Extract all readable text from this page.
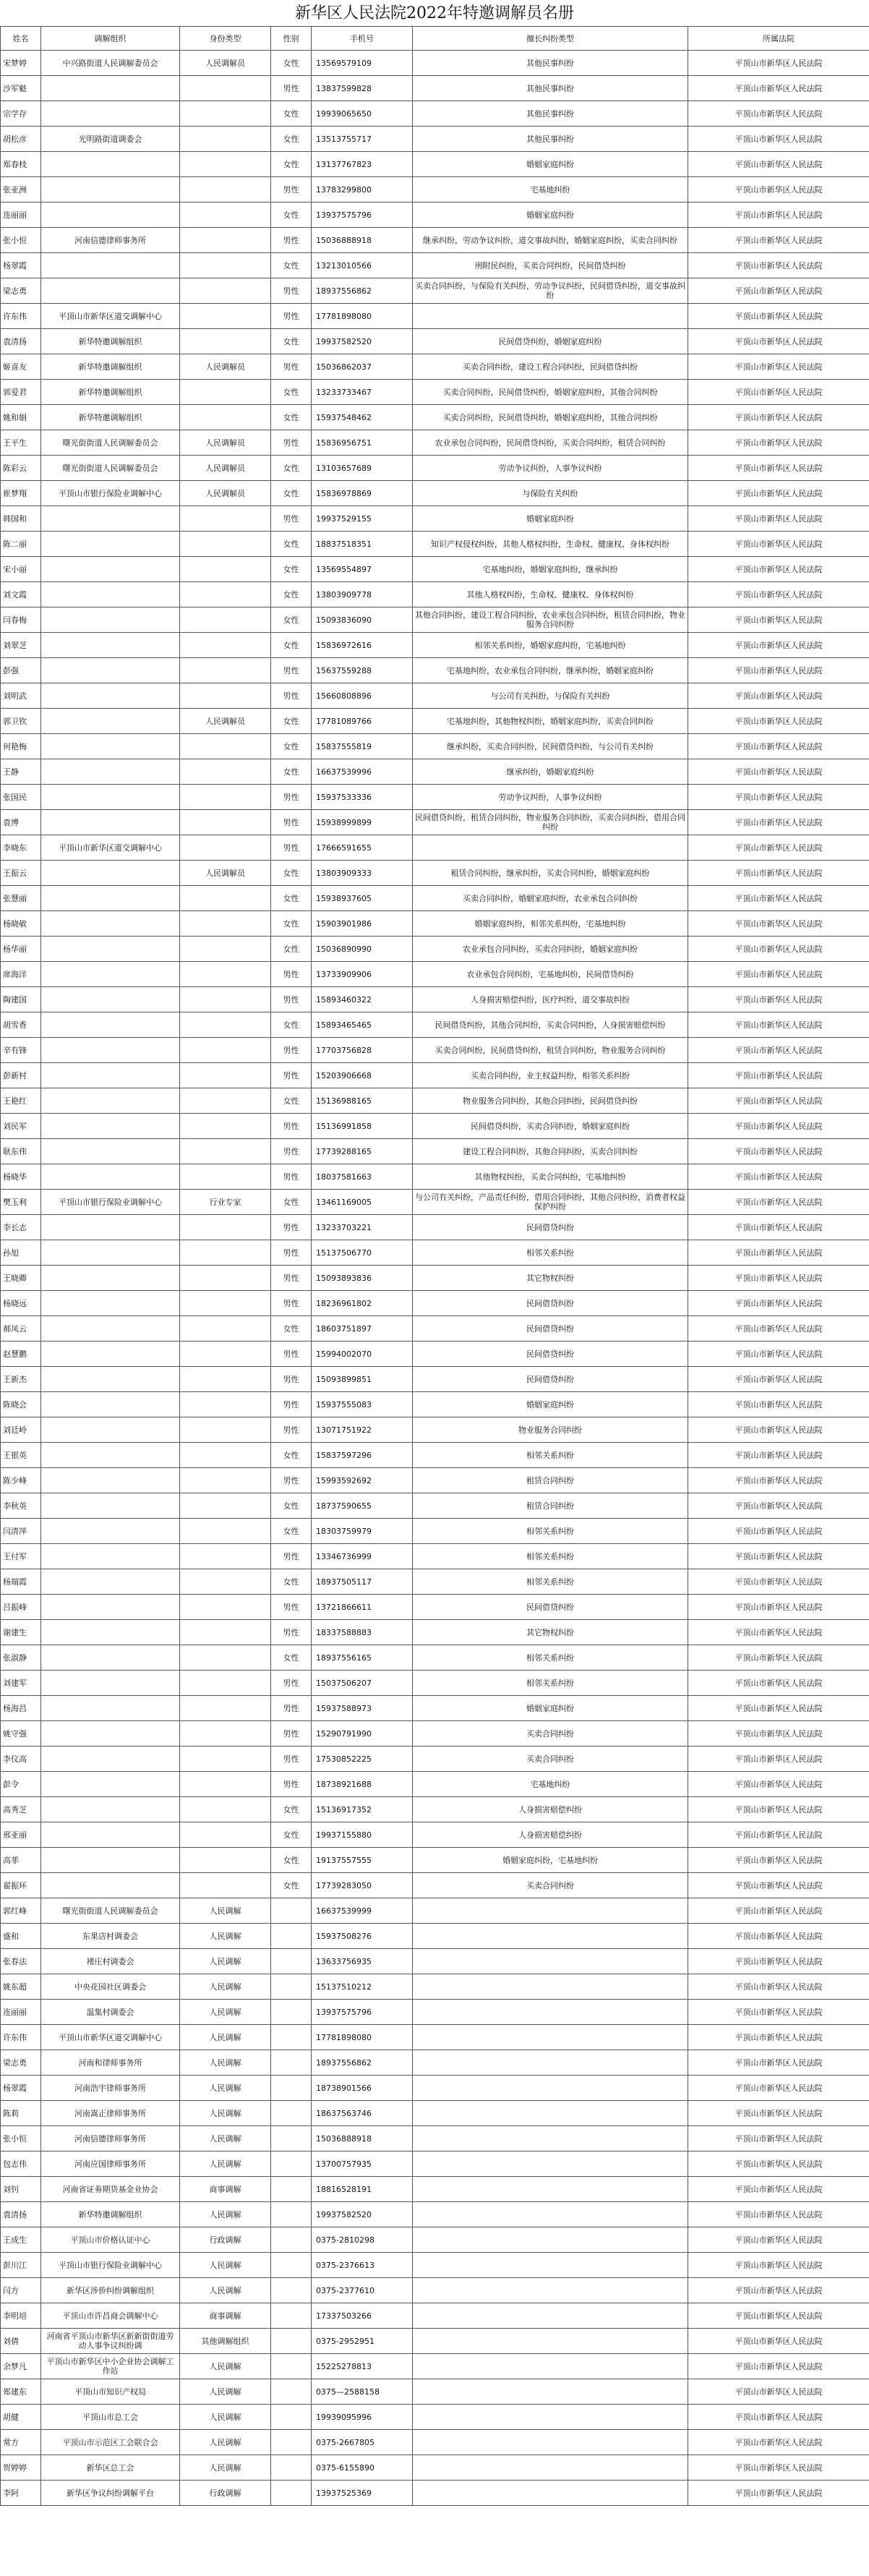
新华区人民法院2022年特邀调解员名册
姓名	调解组织	身份类型	性别	手机号	擅长纠纷类型	所属法院
宋梦婷	中兴路街道人民调解委员会	人民调解员	女性	13569579109	其他民事纠纷	平顶山市新华区人民法院
沙军魁			男性	13837599828	其他民事纠纷	平顶山市新华区人民法院
宗学存			女性	19939065650	其他民事纠纷	平顶山市新华区人民法院
胡松彦	光明路街道调委会		女性	13513755717	其他民事纠纷	平顶山市新华区人民法院
郑春枝			女性	13137767823	婚姻家庭纠纷	平顶山市新华区人民法院
张亚洲			男性	13783299800	宅基地纠纷	平顶山市新华区人民法院
连丽丽			女性	13937575796	婚姻家庭纠纷	平顶山市新华区人民法院
张小恒	河南信德律师事务所		男性	15036888918	继承纠纷，劳动争议纠纷，道交事故纠纷，婚姻家庭纠纷，买卖合同纠纷	平顶山市新华区人民法院
杨翠霞			女性	13213010566	刑附民纠纷，买卖合同纠纷，民间借贷纠纷	平顶山市新华区人民法院
梁志勇			男性	18937556862	买卖合同纠纷，与保险有关纠纷，劳动争议纠纷，民间借贷纠纷，道交事故纠纷	平顶山市新华区人民法院
许东伟	平顶山市新华区道交调解中心		男性	17781898080		平顶山市新华区人民法院
袁清扬	新华特邀调解组织		女性	19937582520	民间借贷纠纷，婚姻家庭纠纷	平顶山市新华区人民法院
姬喜友	新华特邀调解组织	人民调解员	男性	15036862037	买卖合同纠纷，建设工程合同纠纷，民间借贷纠纷	平顶山市新华区人民法院
郭爱君	新华特邀调解组织		女性	13233733467	买卖合同纠纷，民间借贷纠纷，婚姻家庭纠纷，其他合同纠纷	平顶山市新华区人民法院
姚和娟	新华特邀调解组织		女性	15937548462	买卖合同纠纷，民间借贷纠纷，婚姻家庭纠纷，其他合同纠纷	平顶山市新华区人民法院
王平生	曙光街街道人民调解委员会	人民调解员	男性	15836956751	农业承包合同纠纷，民间借贷纠纷，买卖合同纠纷，租赁合同纠纷	平顶山市新华区人民法院
陈彩云	曙光街街道人民调解委员会	人民调解员	女性	13103657689	劳动争议纠纷，人事争议纠纷	平顶山市新华区人民法院
崔梦翔	平顶山市银行保险业调解中心	人民调解员	女性	15836978869	与保险有关纠纷	平顶山市新华区人民法院
韩国和			男性	19937529155	婚姻家庭纠纷	平顶山市新华区人民法院
陈二丽			女性	18837518351	知识产权侵权纠纷，其他人格权纠纷，生命权、健康权、身体权纠纷	平顶山市新华区人民法院
宋小丽			女性	13569554897	宅基地纠纷，婚姻家庭纠纷，继承纠纷	平顶山市新华区人民法院
刘文霞			女性	13803909778	其他人格权纠纷，生命权、健康权、身体权纠纷	平顶山市新华区人民法院
闫春梅			女性	15093836090	其他合同纠纷，建设工程合同纠纷，农业承包合同纠纷，租赁合同纠纷，物业服务合同纠纷	平顶山市新华区人民法院
刘翠芝			女性	15836972616	相邻关系纠纷，婚姻家庭纠纷，宅基地纠纷	平顶山市新华区人民法院
彭强			男性	15637559288	宅基地纠纷，农业承包合同纠纷，继承纠纷，婚姻家庭纠纷	平顶山市新华区人民法院
刘明武			男性	15660808896	与公司有关纠纷，与保险有关纠纷	平顶山市新华区人民法院
郭卫钦		人民调解员	女性	17781089766	宅基地纠纷，其他物权纠纷，婚姻家庭纠纷，买卖合同纠纷	平顶山市新华区人民法院
何艳梅			女性	15837555819	继承纠纷，买卖合同纠纷，民间借贷纠纷，与公司有关纠纷	平顶山市新华区人民法院
王静			女性	16637539996	继承纠纷，婚姻家庭纠纷	平顶山市新华区人民法院
张国民			男性	15937533336	劳动争议纠纷，人事争议纠纷	平顶山市新华区人民法院
袁博			男性	15938999899	民间借贷纠纷，租赁合同纠纷，物业服务合同纠纷，买卖合同纠纷，借用合同纠纷	平顶山市新华区人民法院
李晓东	平顶山市新华区道交调解中心		男性	17666591655		平顶山市新华区人民法院
王振云		人民调解员	女性	13803909333	租赁合同纠纷，继承纠纷，买卖合同纠纷，婚姻家庭纠纷	平顶山市新华区人民法院
张慧丽			女性	15938937605	买卖合同纠纷，婚姻家庭纠纷，农业承包合同纠纷	平顶山市新华区人民法院
杨晓敏			女性	15903901986	婚姻家庭纠纷，相邻关系纠纷，宅基地纠纷	平顶山市新华区人民法院
杨华丽			女性	15036890990	农业承包合同纠纷，买卖合同纠纷，婚姻家庭纠纷	平顶山市新华区人民法院
席海洋			男性	13733909906	农业承包合同纠纷，宅基地纠纷，民间借贷纠纷	平顶山市新华区人民法院
陶建国			男性	15893460322	人身损害赔偿纠纷，医疗纠纷，道交事故纠纷	平顶山市新华区人民法院
胡雪香			女性	15893465465	民间借贷纠纷，其他合同纠纷，买卖合同纠纷，人身损害赔偿纠纷	平顶山市新华区人民法院
辛有锋			男性	17703756828	买卖合同纠纷，民间借贷纠纷，租赁合同纠纷，物业服务合同纠纷	平顶山市新华区人民法院
彭新村			男性	15203906668	买卖合同纠纷，业主权益纠纷，相邻关系纠纷	平顶山市新华区人民法院
王艳红			女性	15136988165	物业服务合同纠纷，其他合同纠纷，民间借贷纠纷	平顶山市新华区人民法院
刘民军			男性	15136991858	民间借贷纠纷，买卖合同纠纷，婚姻家庭纠纷	平顶山市新华区人民法院
耿东伟			男性	17739288165	建设工程合同纠纷，其他合同纠纷，买卖合同纠纷	平顶山市新华区人民法院
杨晓华			男性	18037581663	其他物权纠纷，买卖合同纠纷，宅基地纠纷	平顶山市新华区人民法院
樊玉利	平顶山市银行保险业调解中心	行业专家	女性	13461169005	与公司有关纠纷，产品责任纠纷，借用合同纠纷，其他合同纠纷，消费者权益保护纠纷	平顶山市新华区人民法院
李长志			男性	13233703221	民间借贷纠纷	平顶山市新华区人民法院
孙旭			男性	15137506770	相邻关系纠纷	平顶山市新华区人民法院
王晓卿			男性	15093893836	其它物权纠纷	平顶山市新华区人民法院
杨晓远			男性	18236961802	民间借贷纠纷	平顶山市新华区人民法院
郝凤云			女性	18603751897	民间借贷纠纷	平顶山市新华区人民法院
赵慧鹏			男性	15994002070	民间借贷纠纷	平顶山市新华区人民法院
王新杰			男性	15093899851	民间借贷纠纷	平顶山市新华区人民法院
陈晓会			男性	15937555083	婚姻家庭纠纷	平顶山市新华区人民法院
刘廷岭			男性	13071751922	物业服务合同纠纷	平顶山市新华区人民法院
王银英			女性	15837597296	相邻关系纠纷	平顶山市新华区人民法院
陈少峰			男性	15993592692	租赁合同纠纷	平顶山市新华区人民法院
李秋英			女性	18737590655	租赁合同纠纷	平顶山市新华区人民法院
闫清萍			女性	18303759979	相邻关系纠纷	平顶山市新华区人民法院
王付军			男性	13346736999	相邻关系纠纷	平顶山市新华区人民法院
杨瑞霞			女性	18937505117	相邻关系纠纷	平顶山市新华区人民法院
吕振峰			男性	13721866611	民间借贷纠纷	平顶山市新华区人民法院
谢建生			男性	18337588883	其它物权纠纷	平顶山市新华区人民法院
张淑静			女性	18937556165	相邻关系纠纷	平顶山市新华区人民法院
刘建军			男性	15037506207	相邻关系纠纷	平顶山市新华区人民法院
杨海昌			男性	15937588973	婚姻家庭纠纷	平顶山市新华区人民法院
姚守强			男性	15290791990	买卖合同纠纷	平顶山市新华区人民法院
李仪高			男性	17530852225	买卖合同纠纷	平顶山市新华区人民法院
彭令			男性	18738921688	宅基地纠纷	平顶山市新华区人民法院
高秀芝			女性	15136917352	人身损害赔偿纠纷	平顶山市新华区人民法院
邢亚丽			女性	19937155880	人身损害赔偿纠纷	平顶山市新华区人民法院
高菲			女性	19137557555	婚姻家庭纠纷，宅基地纠纷	平顶山市新华区人民法院
翟振环			女性	17739283050	买卖合同纠纷	平顶山市新华区人民法院
郭红峰	曙光街街道人民调解委员会	人民调解		16637539999		平顶山市新华区人民法院
盛和	东果店村调委会	人民调解		15937508276		平顶山市新华区人民法院
张春法	褚庄村调委会	人民调解		13633756935		平顶山市新华区人民法院
姚东超	中央花园社区调委会	人民调解		15137510212		平顶山市新华区人民法院
连丽丽	温集村调委会	人民调解		13937575796		平顶山市新华区人民法院
许东伟	平顶山市新华区道交调解中心	人民调解		17781898080		平顶山市新华区人民法院
梁志勇	河南和律师事务所	人民调解		18937556862		平顶山市新华区人民法院
杨翠霞	河南浩宇律师事务所	人民调解		18738901566		平顶山市新华区人民法院
陈莉	河南嵩正律师事务所	人民调解		18637563746		平顶山市新华区人民法院
张小恒	河南信德律师事务所	人民调解		15036888918		平顶山市新华区人民法院
包志伟	河南应国律师事务所	人民调解		13700757935		平顶山市新华区人民法院
刘钊	河南省证劵期货基金业协会	商事调解		18816528191		平顶山市新华区人民法院
袁清扬	新华特邀调解组织	人民调解		19937582520		平顶山市新华区人民法院
王成生	平顶山市价格认证中心	行政调解		0375-2810298		平顶山市新华区人民法院
彭川江	平顶山市银行保险业调解中心	人民调解		0375-2376613		平顶山市新华区人民法院
闫方	新华区涉侨纠纷调解组织	人民调解		0375-2377610		平顶山市新华区人民法院
李明培	平顶山市许昌商会调解中心	商事调解		17337503266		平顶山市新华区人民法院
刘倩	河南省平顶山市新华区新新街街道劳动人事争议纠纷调	其他调解组织		0375-2952951		平顶山市新华区人民法院
余梦凡	平顶山市新华区中小企业协会调解工作站	人民调解		15225278813		平顶山市新华区人民法院
郑建东	平顶山市知识产权局	人民调解		0375—2588158		平顶山市新华区人民法院
胡健	平顶山市总工会	人民调解		19939095996		平顶山市新华区人民法院
常方	平顶山市示范区工会联合会	人民调解		0375-2667805		平顶山市新华区人民法院
贺婷婷	新华区总工会	人民调解		0375-6155890		平顶山市新华区人民法院
李阿	新华区争议纠纷调解平台	行政调解		13937525369		平顶山市新华区人民法院
